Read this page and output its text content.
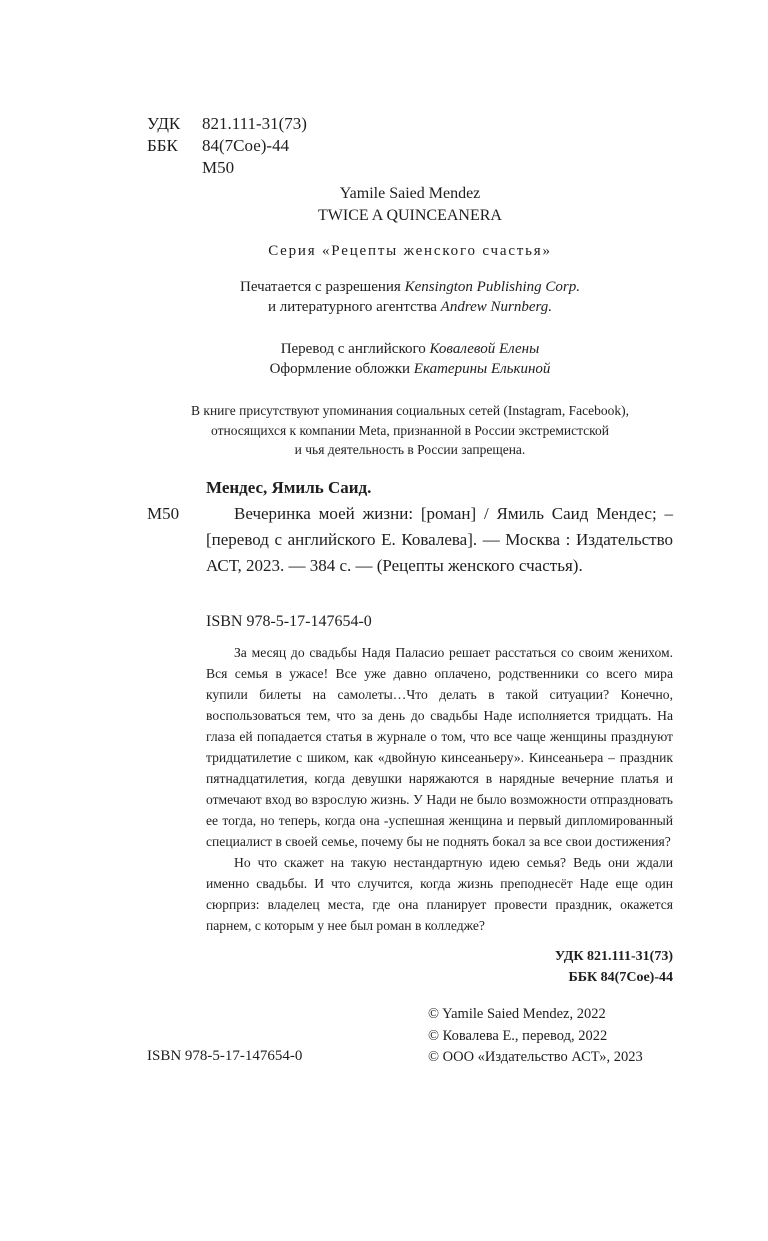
УДК	821.111-31(73)
ББК	84(7Сое)-44
М50
Yamile Saied Mendez
TWICE A QUINCEANERA
Серия «Рецепты женского счастья»
Печатается с разрешения Kensington Publishing Corp.
и литературного агентства Andrew Nurnberg.
Перевод с английского Ковалевой Елены
Оформление обложки Екатерины Елькиной
В книге присутствуют упоминания социальных сетей (Instagram, Facebook),
относящихся к компании Meta, признанной в России экстремистской
и чья деятельность в России запрещена.
Мендес, Ямиль Саид.
М50	Вечеринка моей жизни: [роман] / Ямиль Саид Мендес; – [перевод с английского Е. Ковалева]. — Москва : Издательство АСТ, 2023. — 384 с. — (Рецепты женского счастья).
ISBN 978-5-17-147654-0

За месяц до свадьбы Надя Паласио решает расстаться со своим женихом. Вся семья в ужасе! Все уже давно оплачено, родственники со всего мира купили билеты на самолеты…Что делать в такой ситуации? Конечно, воспользоваться тем, что за день до свадьбы Наде исполняется тридцать. На глаза ей попадается статья в журнале о том, что все чаще женщины празднуют тридцатилетие с шиком, как «двойную кинсеаньеру». Кинсеаньера – праздник пятнадцатилетия, когда девушки наряжаются в нарядные вечерние платья и отмечают вход во взрослую жизнь. У Нади не было возможности отпраздновать ее тогда, но теперь, когда она -успешная женщина и первый дипломированный специалист в своей семье, почему бы не поднять бокал за все свои достижения?

Но что скажет на такую нестандартную идею семья? Ведь они ждали именно свадьбы. И что случится, когда жизнь преподнесёт Наде еще один сюрприз: владелец места, где она планирует провести праздник, окажется парнем, с которым у нее был роман в колледже?

УДК 821.111-31(73)
ББК 84(7Сое)-44
ISBN 978-5-17-147654-0
© Yamile Saied Mendez, 2022
© Ковалева Е., перевод, 2022
© ООО «Издательство АСТ», 2023
